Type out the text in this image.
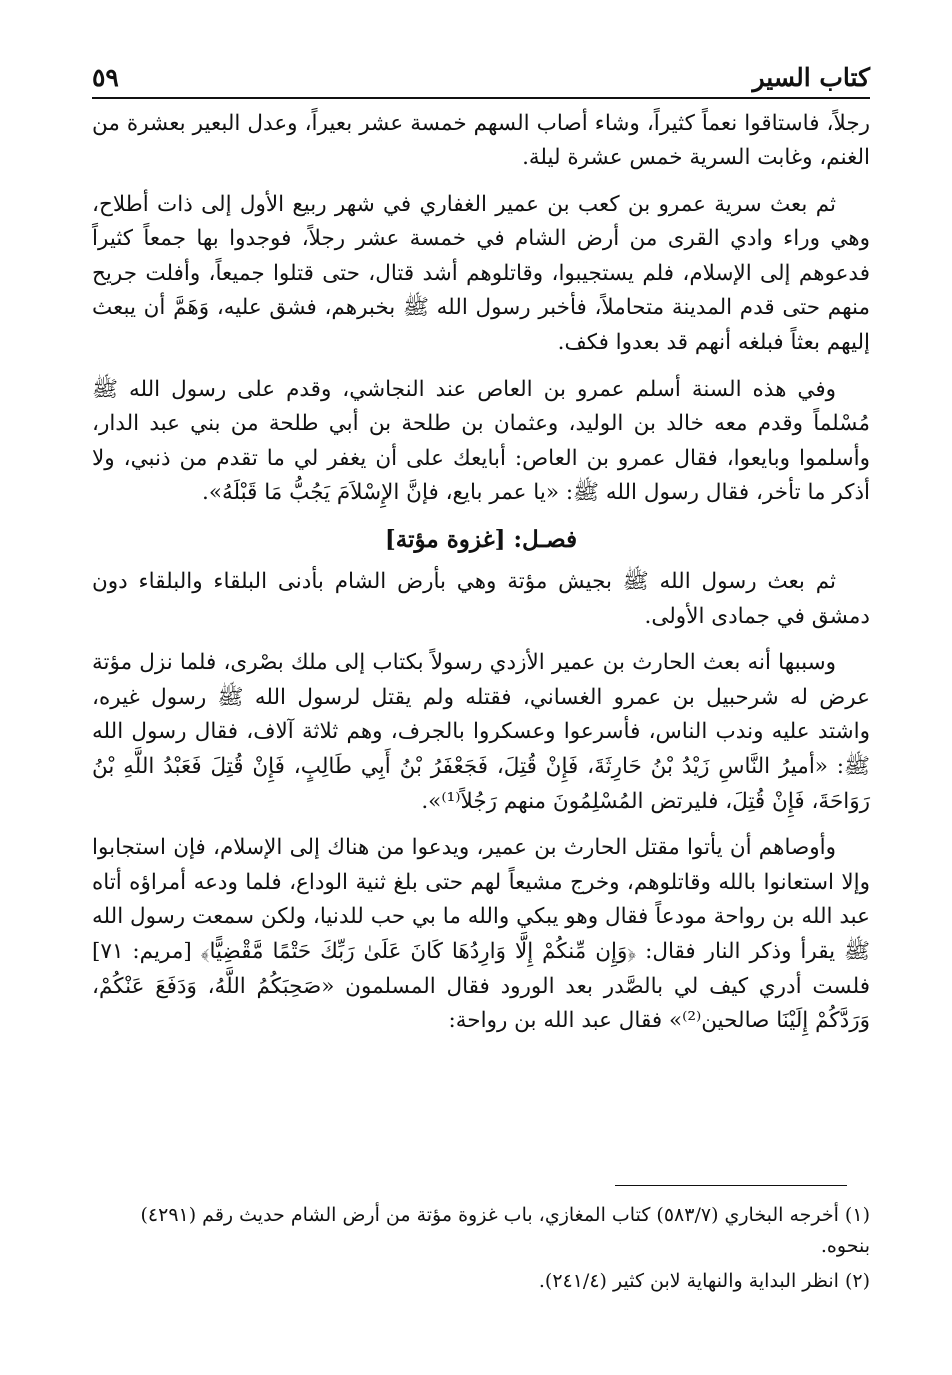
كتاب السير
٥٩

رجلاً، فاستاقوا نعماً كثيراً، وشاء أصاب السهم خمسة عشر بعيراً، وعدل البعير بعشرة من الغنم، وغابت السرية خمس عشرة ليلة.

ثم بعث سرية عمرو بن كعب بن عمير الغفاري في شهر ربيع الأول إلى ذات أطلاح، وهي وراء وادي القرى من أرض الشام في خمسة عشر رجلاً، فوجدوا بها جمعاً كثيراً فدعوهم إلى الإسلام، فلم يستجيبوا، وقاتلوهم أشد قتال، حتى قتلوا جميعاً، وأفلت جريح منهم حتى قدم المدينة متحاملاً، فأخبر رسول الله ﷺ بخبرهم، فشق عليه، وَهَمَّ أن يبعث إليهم بعثاً فبلغه أنهم قد بعدوا فكف.

وفي هذه السنة أسلم عمرو بن العاص عند النجاشي، وقدم على رسول الله ﷺ مُسْلماً وقدم معه خالد بن الوليد، وعثمان بن طلحة بن أبي طلحة من بني عبد الدار، وأسلموا وبايعوا، فقال عمرو بن العاص: أبايعك على أن يغفر لي ما تقدم من ذنبي، ولا أذكر ما تأخر، فقال رسول الله ﷺ: «يا عمر بايع، فإنَّ الإِسْلاَمَ يَجُبُّ مَا قَبْلَهُ».

فصـل: [غزوة مؤتة]

ثم بعث رسول الله ﷺ بجيش مؤتة وهي بأرض الشام بأدنى البلقاء والبلقاء دون دمشق في جمادى الأولى.

وسببها أنه بعث الحارث بن عمير الأزدي رسولاً بكتاب إلى ملك بصْرى، فلما نزل مؤتة عرض له شرحبيل بن عمرو الغساني، فقتله ولم يقتل لرسول الله ﷺ رسول غيره، واشتد عليه وندب الناس، فأسرعوا وعسكروا بالجرف، وهم ثلاثة آلاف، فقال رسول الله ﷺ: «أميرُ النَّاسِ زَيْدُ بْنُ حَارِثَةَ، فَإِنْ قُتِلَ، فَجَعْفَرُ بْنُ أَبِي طَالِبٍ، فَإِنْ قُتِلَ فَعَبْدُ اللَّهِ بْنُ رَوَاحَةَ، فَإِنْ قُتِلَ، فليرتض المُسْلِمُونَ منهم رَجُلاً⁽¹⁾».

وأوصاهم أن يأتوا مقتل الحارث بن عمير، ويدعوا من هناك إلى الإسلام، فإن استجابوا وإلا استعانوا بالله وقاتلوهم، وخرج مشيعاً لهم حتى بلغ ثنية الوداع، فلما ودعه أمراؤه أتاه عبد الله بن رواحة مودعاً فقال وهو يبكي والله ما بي حب للدنيا، ولكن سمعت رسول الله ﷺ يقرأ وذكر النار فقال: ﴿وَإِن مِّنكُمْ إِلَّا وَارِدُهَا كَانَ عَلَىٰ رَبِّكَ حَتْمًا مَّقْضِيًّا﴾ [مريم: ٧١] فلست أدري كيف لي بالصَّدر بعد الورود فقال المسلمون «صَحِبَكُمُ اللَّهُ، وَدَفَعَ عَنْكُمْ، وَرَدَّكُمْ إِلَيْنَا صالحين⁽²⁾» فقال عبد الله بن رواحة:

(١) أخرجه البخاري (٥٨٣/٧) كتاب المغازي، باب غزوة مؤتة من أرض الشام حديث رقم (٤٢٩١) بنحوه.

(٢) انظر البداية والنهاية لابن كثير (٢٤١/٤).
